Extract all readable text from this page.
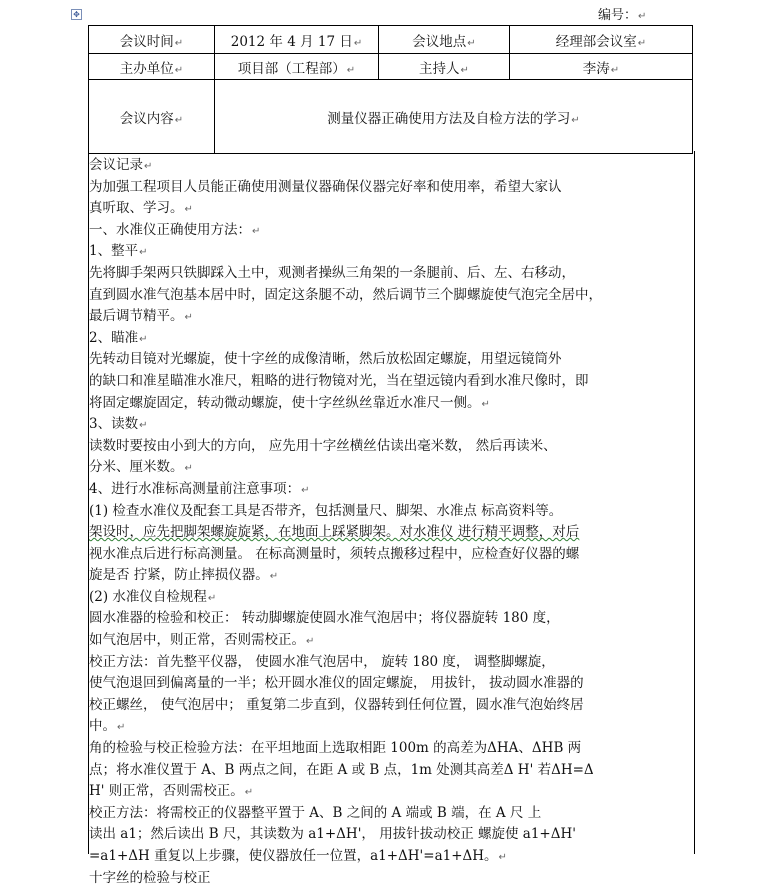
✥	编号：↵
会议时间↵	2012 年 4 月 17 日↵	会议地点↵	经理部会议室↵
主办单位↵	项目部（工程部）↵	主持人↵	李涛↵
会议内容↵	测量仪器正确使用方法及自检方法的学习↵		

会议记录↵

为加强工程项目人员能正确使用测量仪器确保仪器完好率和使用率，希望大家认

真听取、学习。↵

一、水准仪正确使用方法：↵

1、整平↵

先将脚手架两只铁脚踩入土中，观测者操纵三角架的一条腿前、后、左、右移动，

直到圆水准气泡基本居中时，固定这条腿不动，然后调节三个脚螺旋使气泡完全居中，

最后调节精平。↵

2、瞄准↵

先转动目镜对光螺旋，使十字丝的成像清晰，然后放松固定螺旋，用望远镜筒外

的缺口和准星瞄准水准尺，粗略的进行物镜对光，当在望远镜内看到水准尺像时，即

将固定螺旋固定，转动微动螺旋，使十字丝纵丝靠近水准尺一侧。↵

3、读数↵

读数时要按由小到大的方向， 应先用十字丝横丝估读出毫米数， 然后再读米、

分米、厘米数。↵

4、进行水准标高测量前注意事项：↵

(1) 检查水准仪及配套工具是否带齐，包括测量尺、脚架、水准点 标高资料等。

架设时，应先把脚架螺旋旋紧，在地面上踩紧脚架。对水准仪 进行精平调整，对后

视水准点后进行标高测量。 在标高测量时，须转点搬移过程中，应检查好仪器的螺

旋是否 拧紧，防止摔损仪器。↵

(2) 水准仪自检规程↵

圆水准器的检验和校正： 转动脚螺旋使圆水准气泡居中；将仪器旋转 180 度，

如气泡居中，则正常，否则需校正。↵

校正方法：首先整平仪器， 使圆水准气泡居中， 旋转 180 度， 调整脚螺旋，

使气泡退回到偏离量的一半；松开圆水准仪的固定螺旋， 用拔针， 拔动圆水准器的

校正螺丝， 使气泡居中； 重复第二步直到，仪器转到任何位置，圆水准气泡始终居

中。↵

角的检验与校正检验方法：在平坦地面上选取相距 100m 的高差为ΔHA、ΔHB 两

点；将水准仪置于 A、B 两点之间，在距 A 或 B 点，1m 处测其高差Δ H' 若ΔH=Δ

H' 则正常，否则需校正。↵

校正方法：将需校正的仪器整平置于 A、B 之间的 A 端或 B 端，在 A 尺 上

读出 a1；然后读出 B 尺，其读数为 a1+ΔH'， 用拔针拔动校正 螺旋使 a1+ΔH'

=a1+ΔH 重复以上步骤，使仪器放任一位置，a1+ΔH'=a1+ΔH。↵

十字丝的检验与校正
